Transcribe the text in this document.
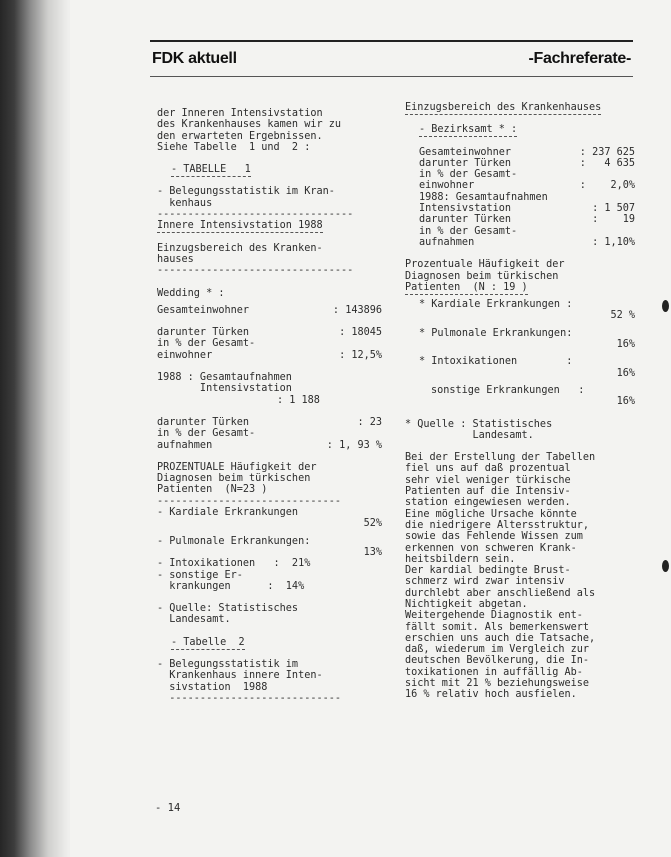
FDK aktuell	-Fachreferate-
der Inneren Intensivstation
des Krankenhauses kamen wir zu
den erwarteten Ergebnissen.
Siehe Tabelle  1 und  2 :
- TABELLE   1
- Belegungsstatistik im Kran-
kenhaus
--------------------------------
Innere Intensivstation 1988
Einzugsbereich des Kranken-
hauses
--------------------------------
Wedding * :
Gesamteinwohner	: 143896
darunter Türken	: 18045
in % der Gesamt-
einwohner	: 12,5%
1988 : Gesamtaufnahmen
Intensivstation
: 1 188
darunter Türken	: 23
in % der Gesamt-
aufnahmen	: 1, 93 %
PROZENTUALE Häufigkeit der
Diagnosen beim türkischen
Patienten  (N=23 )
------------------------------
- Kardiale Erkrankungen
52%
- Pulmonale Erkrankungen:
13%
- Intoxikationen   :  21%
- sonstige Er-
krankungen      :  14%
- Quelle: Statistisches
Landesamt.
- Tabelle  2
- Belegungsstatistik im
Krankenhaus innere Inten-
sivstation  1988
----------------------------
Einzugsbereich des Krankenhauses
- Bezirksamt * :
Gesamteinwohner	: 237 625
darunter Türken	:   4 635
in % der Gesamt-
einwohner	:    2,0%
1988: Gesamtaufnahmen
Intensivstation	: 1 507
darunter Türken	:    19
in % der Gesamt-
aufnahmen	: 1,10%
Prozentuale Häufigkeit der
Diagnosen beim türkischen
Patienten  (N : 19 )
* Kardiale Erkrankungen :
52 %
* Pulmonale Erkrankungen:
16%
* Intoxikationen        :
16%
sonstige Erkrankungen   :
16%
* Quelle : Statistisches
Landesamt.
Bei der Erstellung der Tabellen
fiel uns auf daß prozentual
sehr viel weniger türkische
Patienten auf die Intensiv-
station eingewiesen werden.
Eine mögliche Ursache könnte
die niedrigere Altersstruktur,
sowie das Fehlende Wissen zum
erkennen von schweren Krank-
heitsbildern sein.
Der kardial bedingte Brust-
schmerz wird zwar intensiv
durchlebt aber anschließend als
Nichtigkeit abgetan.
Weitergehende Diagnostik ent-
fällt somit. Als bemerkenswert
erschien uns auch die Tatsache,
daß, wiederum im Vergleich zur
deutschen Bevölkerung, die In-
toxikationen in auffällig Ab-
sicht mit 21 % beziehungsweise
16 % relativ hoch ausfielen.
- 14
